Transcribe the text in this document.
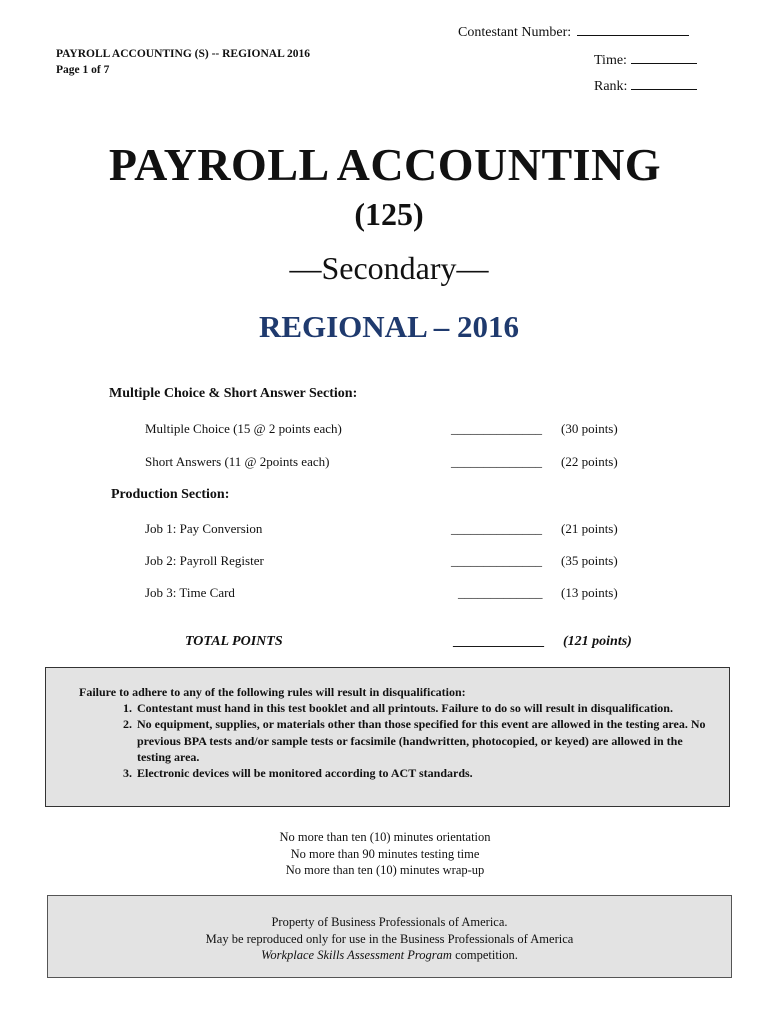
Contestant Number:
PAYROLL ACCOUNTING (S) -- REGIONAL 2016
Page 1 of 7
Time:
Rank:
PAYROLL ACCOUNTING
(125)
—Secondary—
REGIONAL – 2016
Multiple Choice & Short Answer Section:
Multiple Choice (15 @ 2 points each)	______________ (30 points)
Short Answers (11 @ 2points each)	______________ (22 points)
Production Section:
Job 1: Pay Conversion	______________ (21 points)
Job 2: Payroll Register	______________ (35 points)
Job 3: Time Card	_____________ (13 points)
TOTAL POINTS	_____________ (121 points)
Failure to adhere to any of the following rules will result in disqualification:
1. Contestant must hand in this test booklet and all printouts. Failure to do so will result in disqualification.
2. No equipment, supplies, or materials other than those specified for this event are allowed in the testing area. No previous BPA tests and/or sample tests or facsimile (handwritten, photocopied, or keyed) are allowed in the testing area.
3. Electronic devices will be monitored according to ACT standards.
No more than ten (10) minutes orientation
No more than 90 minutes testing time
No more than ten (10) minutes wrap-up
Property of Business Professionals of America.
May be reproduced only for use in the Business Professionals of America
Workplace Skills Assessment Program competition.
